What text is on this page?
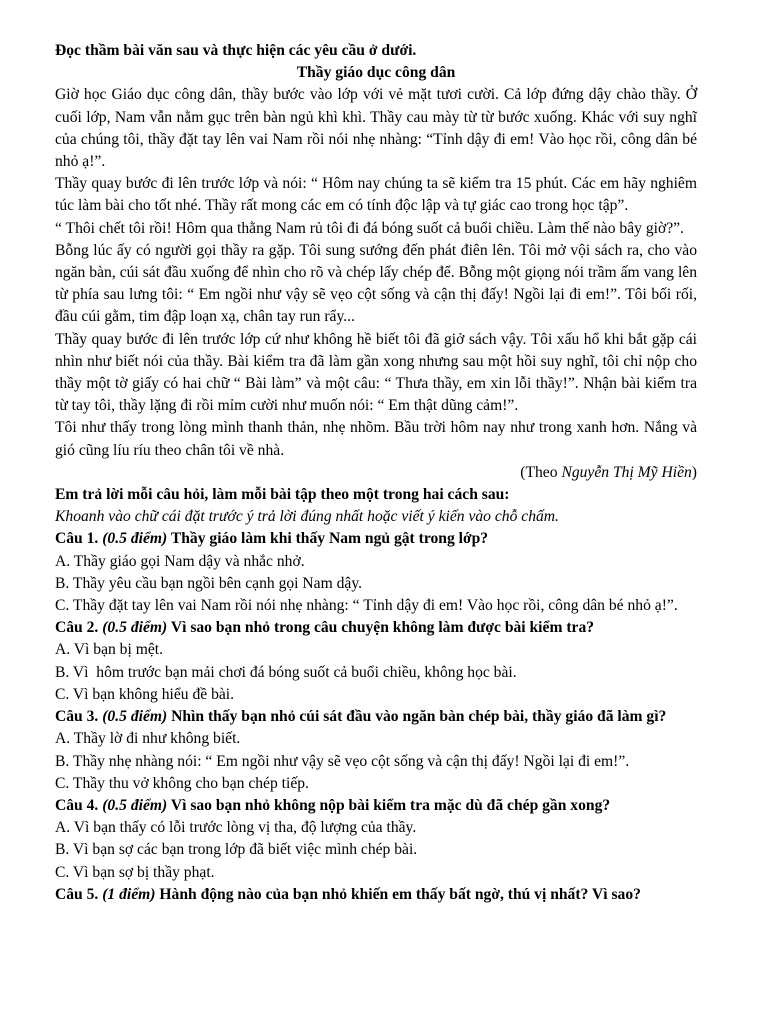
Đọc thầm bài văn sau và thực hiện các yêu cầu ở dưới.

Thầy giáo dục công dân

Giờ học Giáo dục công dân, thầy bước vào lớp với vẻ mặt tươi cười. Cả lớp đứng dậy chào thầy. Ở cuối lớp, Nam vẫn nằm gục trên bàn ngủ khì khì. Thầy cau mày từ từ bước xuống. Khác với suy nghĩ của chúng tôi, thầy đặt tay lên vai Nam rồi nói nhẹ nhàng: “Tỉnh dậy đi em! Vào học rồi, công dân bé nhỏ ạ!”.

Thầy quay bước đi lên trước lớp và nói: “ Hôm nay chúng ta sẽ kiểm tra 15 phút. Các em hãy nghiêm túc làm bài cho tốt nhé. Thầy rất mong các em có tính độc lập và tự giác cao trong học tập”.

“ Thôi chết tôi rồi! Hôm qua thằng Nam rủ tôi đi đá bóng suốt cả buổi chiều. Làm thế nào bây giờ?”.

Bỗng lúc ấy có người gọi thầy ra gặp. Tôi sung sướng đến phát điên lên. Tôi mở vội sách ra, cho vào ngăn bàn, cúi sát đầu xuống để nhìn cho rõ và chép lấy chép để. Bỗng một giọng nói trầm ấm vang lên từ phía sau lưng tôi: “ Em ngồi như vậy sẽ vẹo cột sống và cận thị đấy! Ngồi lại đi em!”. Tôi bối rối, đầu cúi gằm, tim đập loạn xạ, chân tay run rẩy...

Thầy quay bước đi lên trước lớp cứ như không hề biết tôi đã giở sách vậy. Tôi xấu hổ khi bắt gặp cái nhìn như biết nói của thầy. Bài kiểm tra đã làm gần xong nhưng sau một hồi suy nghĩ, tôi chỉ nộp cho thầy một tờ giấy có hai chữ “ Bài làm” và một câu: “ Thưa thầy, em xin lỗi thầy!”. Nhận bài kiểm tra từ tay tôi, thầy lặng đi rồi mỉm cười như muốn nói: “ Em thật dũng cảm!”.

Tôi như thấy trong lòng mình thanh thản, nhẹ nhõm. Bầu trời hôm nay như trong xanh hơn. Nắng và gió cũng líu ríu theo chân tôi về nhà.

(Theo Nguyễn Thị Mỹ Hiền)

Em trả lời mỗi câu hỏi, làm mỗi bài tập theo một trong hai cách sau:

Khoanh vào chữ cái đặt trước ý trả lời đúng nhất hoặc viết ý kiến vào chỗ chấm.

Câu 1. (0.5 điểm) Thầy giáo làm khi thấy Nam ngủ gật trong lớp?

A. Thầy giáo gọi Nam dậy và nhắc nhở.

B. Thầy yêu cầu bạn ngồi bên cạnh gọi Nam dậy.

C. Thầy đặt tay lên vai Nam rồi nói nhẹ nhàng: “ Tỉnh dậy đi em! Vào học rồi, công dân bé nhỏ ạ!”.

Câu 2. (0.5 điểm) Vì sao bạn nhỏ trong câu chuyện không làm được bài kiểm tra?

A. Vì bạn bị mệt.

B. Vì  hôm trước bạn mải chơi đá bóng suốt cả buổi chiều, không học bài.

C. Vì bạn không hiểu đề bài.

Câu 3. (0.5 điểm) Nhìn thấy bạn nhỏ cúi sát đầu vào ngăn bàn chép bài, thầy giáo đã làm gì?

A. Thầy lờ đi như không biết.

B. Thầy nhẹ nhàng nói: “ Em ngồi như vậy sẽ vẹo cột sống và cận thị đấy! Ngồi lại đi em!”.

C. Thầy thu vở không cho bạn chép tiếp.

Câu 4. (0.5 điểm) Vì sao bạn nhỏ không nộp bài kiểm tra mặc dù đã chép gần xong?

A. Vì bạn thấy có lỗi trước lòng vị tha, độ lượng của thầy.

B. Vì bạn sợ các bạn trong lớp đã biết việc mình chép bài.

C. Vì bạn sợ bị thầy phạt.

Câu 5. (1 điểm) Hành động nào của bạn nhỏ khiến em thấy bất ngờ, thú vị nhất? Vì sao?
